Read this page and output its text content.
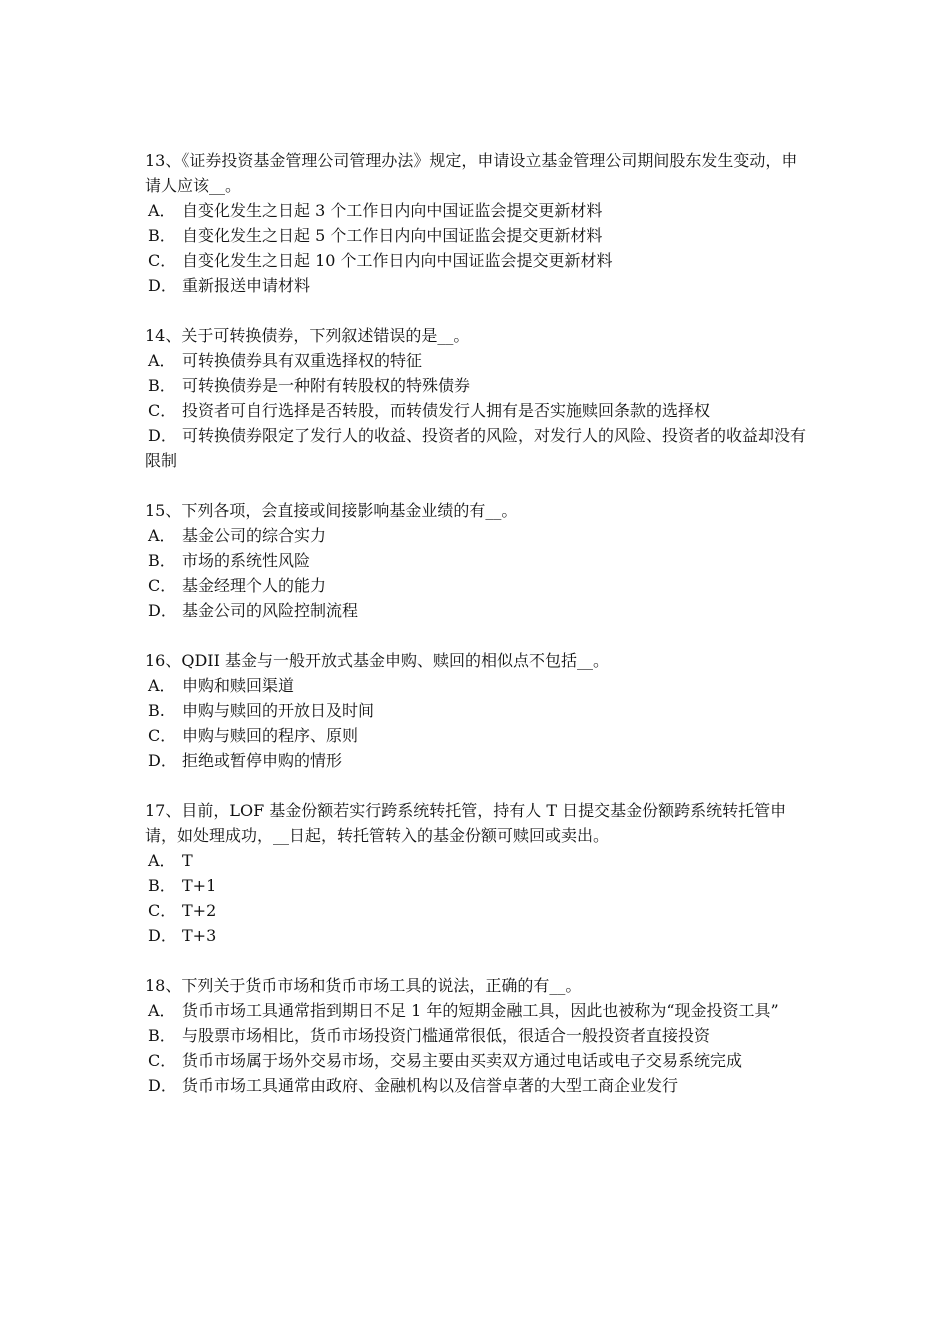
13、《证券投资基金管理公司管理办法》规定，申请设立基金管理公司期间股东发生变动，申请人应该__。
A． 自变化发生之日起 3 个工作日内向中国证监会提交更新材料
B． 自变化发生之日起 5 个工作日内向中国证监会提交更新材料
C． 自变化发生之日起 10 个工作日内向中国证监会提交更新材料
D． 重新报送申请材料
14、关于可转换债券，下列叙述错误的是__。
A． 可转换债券具有双重选择权的特征
B． 可转换债券是一种附有转股权的特殊债券
C． 投资者可自行选择是否转股，而转债发行人拥有是否实施赎回条款的选择权
D． 可转换债券限定了发行人的收益、投资者的风险，对发行人的风险、投资者的收益却没有限制
15、下列各项，会直接或间接影响基金业绩的有__。
A． 基金公司的综合实力
B． 市场的系统性风险
C． 基金经理个人的能力
D． 基金公司的风险控制流程
16、QDII 基金与一般开放式基金申购、赎回的相似点不包括__。
A． 申购和赎回渠道
B. 申购与赎回的开放日及时间
C． 申购与赎回的程序、原则
D． 拒绝或暂停申购的情形
17、目前，LOF 基金份额若实行跨系统转托管，持有人 T 日提交基金份额跨系统转托管申请，如处理成功，__日起，转托管转入的基金份额可赎回或卖出。
A． T
B． T+1
C． T+2
D． T+3
18、下列关于货币市场和货币市场工具的说法，正确的有__。
A． 货币市场工具通常指到期日不足 1 年的短期金融工具，因此也被称为“现金投资工具”
B． 与股票市场相比，货币市场投资门槛通常很低，很适合一般投资者直接投资
C． 货币市场属于场外交易市场，交易主要由买卖双方通过电话或电子交易系统完成
D． 货币市场工具通常由政府、金融机构以及信誉卓著的大型工商企业发行
